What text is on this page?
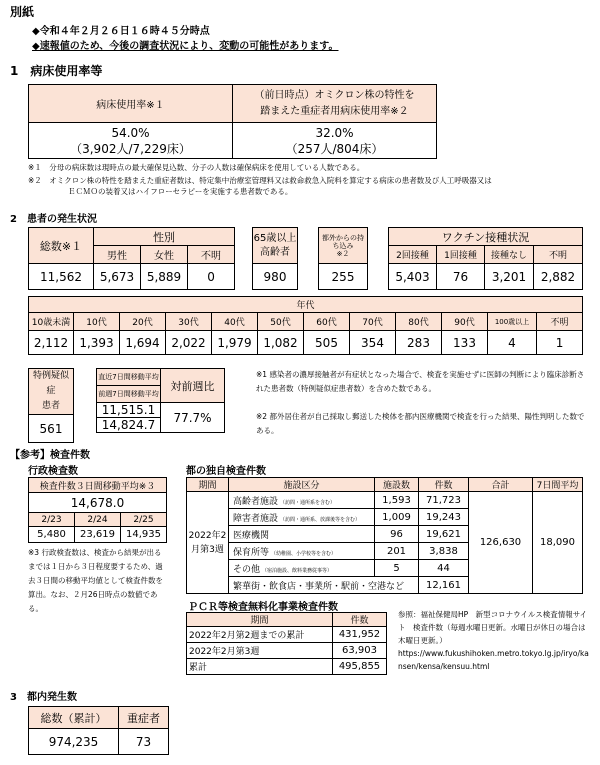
別紙
◆令和４年２月２６日１６時４５分時点
◆速報値のため、今後の調査状況により、変動の可能性があります。
1　病床使用率等
病床使用率※１	（前日時点）オミクロン株の特性を
踏まえた重症者用病床使用率※２
54.0%
（3,902人/7,229床）	32.0%
（257人/804床）
※１　分母の病床数は現時点の最大確保見込数、分子の人数は確保病床を使用している人数である。
※２　オミクロン株の特性を踏まえた重症者数は、特定集中治療室管理料又は救命救急入院料を算定する病床の患者数及び人工呼吸器又は
ＥＣＭＯの装着又はハイフローセラピーを実施する患者数である。
2　患者の発生状況
総数※１	性別		
	男性	女性	不明
11,562	5,673	5,889	0
65歳以上
高齢者
980
都外からの持
ち込み
※２
255
ワクチン接種状況			
2回接種	1回接種	接種なし	不明
5,403	76	3,201	2,882
年代											
10歳未満	10代	20代	30代	40代	50代	60代	70代	80代	90代	100歳以上	不明
2,112	1,393	1,694	2,022	1,979	1,082	505	354	283	133	4	1
特例疑似症
患者
561
直近7日間移動平均	対前週比
前週7日間移動平均	
11,515.1	77.7%
14,824.7	
※1 感染者の濃厚接触者が有症状となった場合で、検査を実施せずに医師の判断により臨床診断された患者数（特例疑似症患者数）を含めた数である。
※2 都外居住者が自己採取し郵送した検体を都内医療機関で検査を行った結果、陽性判明した数である。
【参考】検査件数
行政検査数
検査件数３日間移動平均※３		
14,678.0		
2/23	2/24	2/25
5,480	23,619	14,935
※3 行政検査数は、検査から結果が出るまでは１日から３日程度要するため、過去３日間の移動平均値として検査件数を算出。なお、２月26日時点の数値である。
都の独自検査件数
期間	施設区分	施設数	件数	合計	7日間平均
2022年2
月第3週	高齢者施設 （訪問・通所系を含む）	1,593	71,723	126,630	18,090
	障害者施設 （訪問・通所系、放課後等を含む）	1,009	19,243		
	医療機関	96	19,621		
	保育所等 （幼稚園、小学校等を含む）	201	3,838		
	その他 （宿泊施設、飲料業務従事等）	5	44		
	繁華街・飲食店・事業所・駅前・空港など		12,161		
ＰＣＲ等検査無料化事業検査件数
期間	件数
2022年2月第2週までの累計	431,952
2022年2月第3週	63,903
累計	495,855
参照：福祉保健局HP　新型コロナウイルス検査情報サイト　検査件数（毎週水曜日更新。水曜日が休日の場合は木曜日更新。）
https://www.fukushihoken.metro.tokyo.lg.jp/iryo/kansen/kensa/kensuu.html
3　都内発生数
総数（累計）	重症者
974,235	73
